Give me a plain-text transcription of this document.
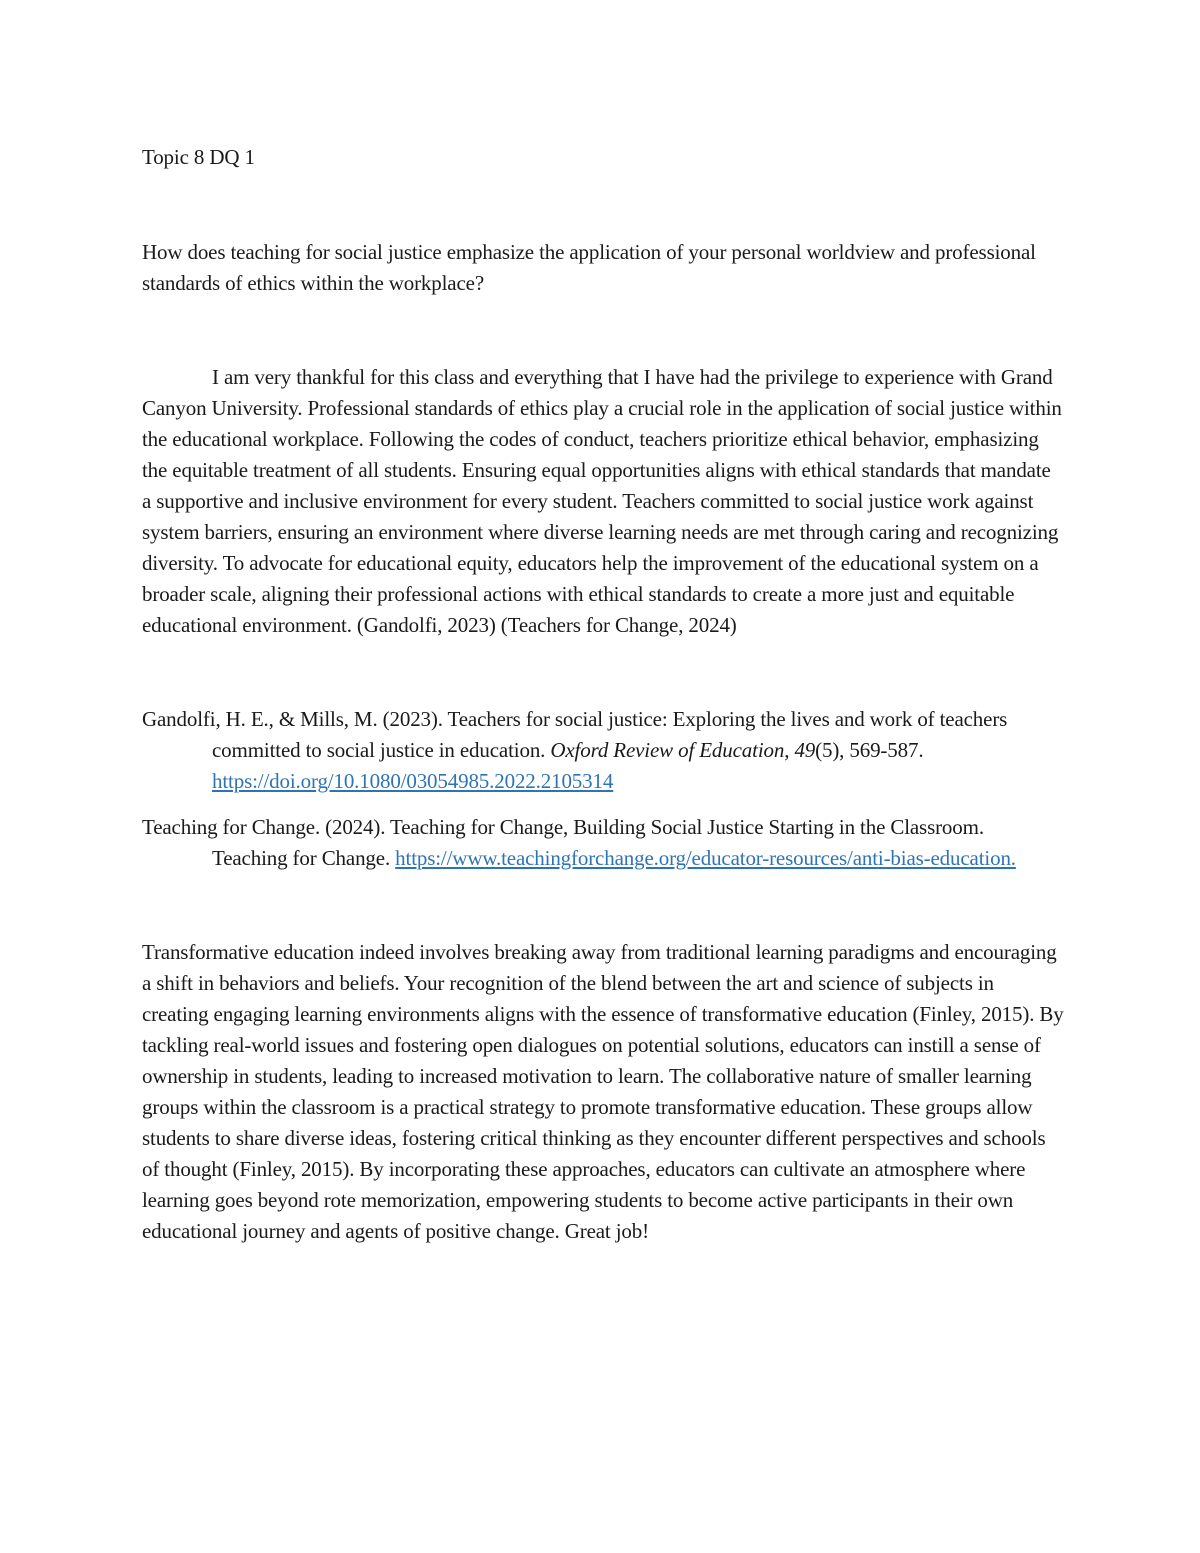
Topic 8 DQ 1

How does teaching for social justice emphasize the application of your personal worldview and professional standards of ethics within the workplace?

I am very thankful for this class and everything that I have had the privilege to experience with Grand Canyon University. Professional standards of ethics play a crucial role in the application of social justice within the educational workplace. Following the codes of conduct, teachers prioritize ethical behavior, emphasizing the equitable treatment of all students. Ensuring equal opportunities aligns with ethical standards that mandate a supportive and inclusive environment for every student. Teachers committed to social justice work against system barriers, ensuring an environment where diverse learning needs are met through caring and recognizing diversity. To advocate for educational equity, educators help the improvement of the educational system on a broader scale, aligning their professional actions with ethical standards to create a more just and equitable educational environment. (Gandolfi, 2023) (Teachers for Change, 2024)

Gandolfi, H. E., & Mills, M. (2023). Teachers for social justice: Exploring the lives and work of teachers committed to social justice in education. Oxford Review of Education, 49(5), 569-587. https://doi.org/10.1080/03054985.2022.2105314

Teaching for Change. (2024). Teaching for Change, Building Social Justice Starting in the Classroom. Teaching for Change. https://www.teachingforchange.org/educator-resources/anti-bias-education.

Transformative education indeed involves breaking away from traditional learning paradigms and encouraging a shift in behaviors and beliefs. Your recognition of the blend between the art and science of subjects in creating engaging learning environments aligns with the essence of transformative education (Finley, 2015). By tackling real-world issues and fostering open dialogues on potential solutions, educators can instill a sense of ownership in students, leading to increased motivation to learn. The collaborative nature of smaller learning groups within the classroom is a practical strategy to promote transformative education. These groups allow students to share diverse ideas, fostering critical thinking as they encounter different perspectives and schools of thought (Finley, 2015). By incorporating these approaches, educators can cultivate an atmosphere where learning goes beyond rote memorization, empowering students to become active participants in their own educational journey and agents of positive change. Great job!
